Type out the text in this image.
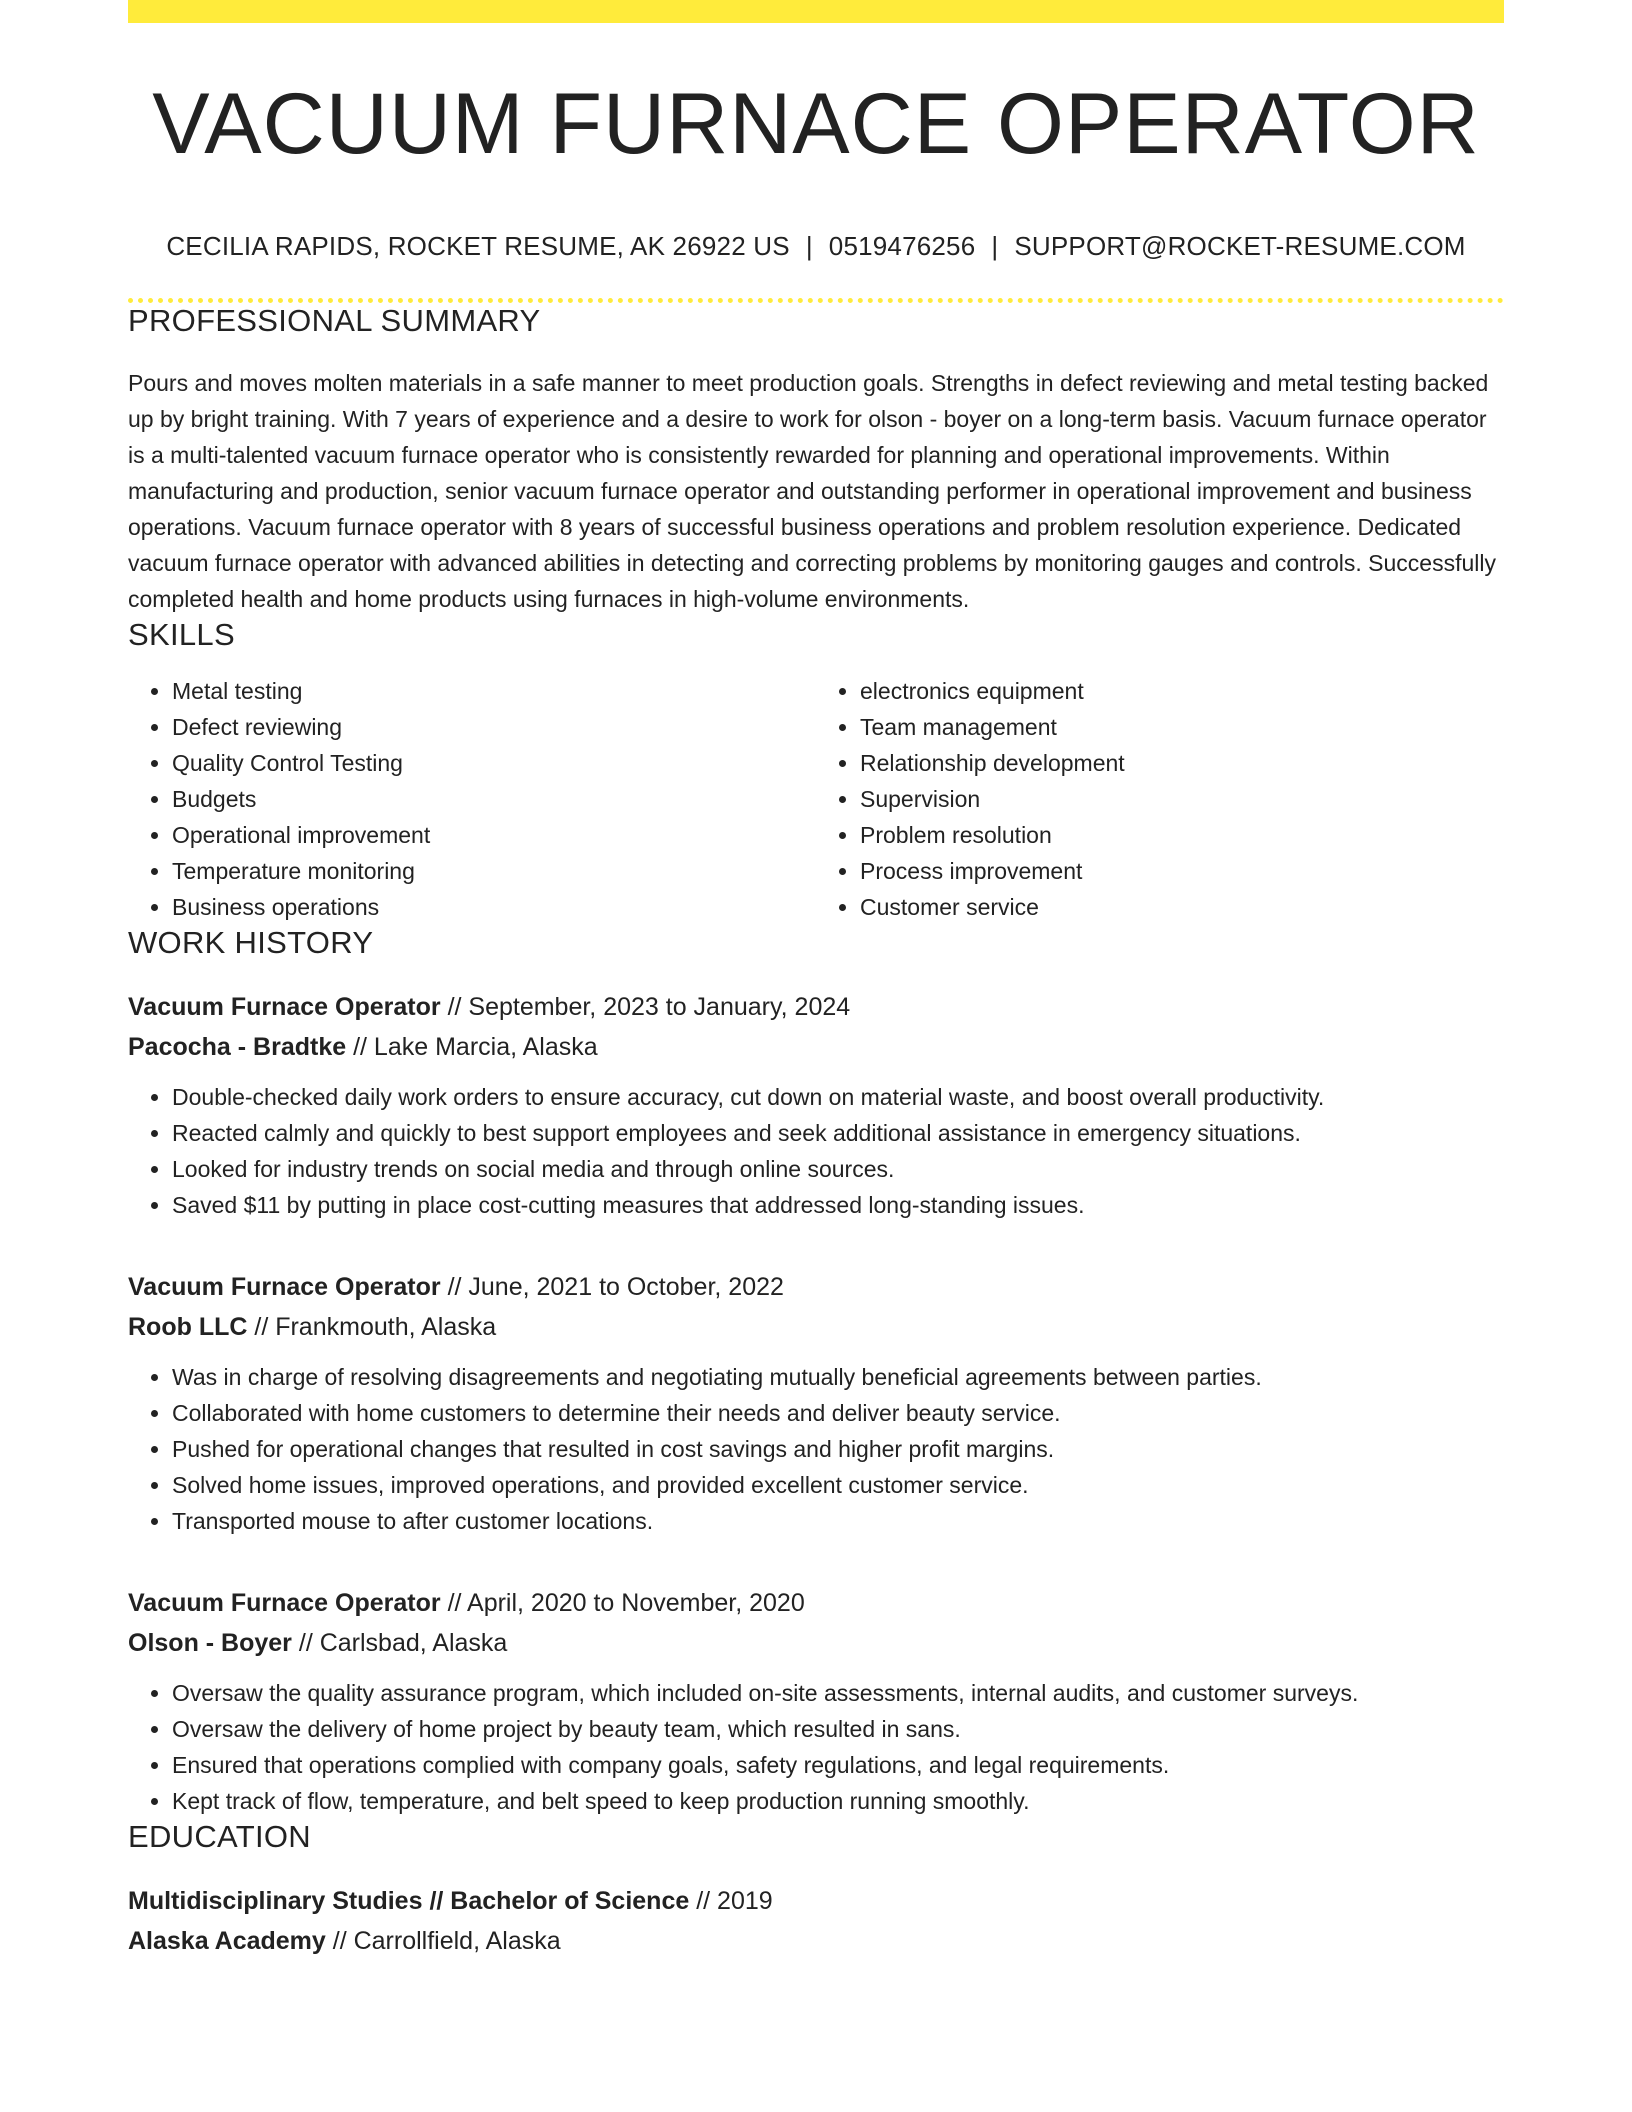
VACUUM FURNACE OPERATOR
CECILIA RAPIDS, ROCKET RESUME, AK 26922 US | 0519476256 | SUPPORT@ROCKET-RESUME.COM
PROFESSIONAL SUMMARY
Pours and moves molten materials in a safe manner to meet production goals. Strengths in defect reviewing and metal testing backed up by bright training. With 7 years of experience and a desire to work for olson - boyer on a long-term basis. Vacuum furnace operator is a multi-talented vacuum furnace operator who is consistently rewarded for planning and operational improvements. Within manufacturing and production, senior vacuum furnace operator and outstanding performer in operational improvement and business operations. Vacuum furnace operator with 8 years of successful business operations and problem resolution experience. Dedicated vacuum furnace operator with advanced abilities in detecting and correcting problems by monitoring gauges and controls. Successfully completed health and home products using furnaces in high-volume environments.
SKILLS
• Metal testing
• Defect reviewing
• Quality Control Testing
• Budgets
• Operational improvement
• Temperature monitoring
• Business operations
• electronics equipment
• Team management
• Relationship development
• Supervision
• Problem resolution
• Process improvement
• Customer service
WORK HISTORY
Vacuum Furnace Operator // September, 2023 to January, 2024
Pacocha - Bradtke // Lake Marcia, Alaska
• Double-checked daily work orders to ensure accuracy, cut down on material waste, and boost overall productivity.
• Reacted calmly and quickly to best support employees and seek additional assistance in emergency situations.
• Looked for industry trends on social media and through online sources.
• Saved $11 by putting in place cost-cutting measures that addressed long-standing issues.
Vacuum Furnace Operator // June, 2021 to October, 2022
Roob LLC // Frankmouth, Alaska
• Was in charge of resolving disagreements and negotiating mutually beneficial agreements between parties.
• Collaborated with home customers to determine their needs and deliver beauty service.
• Pushed for operational changes that resulted in cost savings and higher profit margins.
• Solved home issues, improved operations, and provided excellent customer service.
• Transported mouse to after customer locations.
Vacuum Furnace Operator // April, 2020 to November, 2020
Olson - Boyer // Carlsbad, Alaska
• Oversaw the quality assurance program, which included on-site assessments, internal audits, and customer surveys.
• Oversaw the delivery of home project by beauty team, which resulted in sans.
• Ensured that operations complied with company goals, safety regulations, and legal requirements.
• Kept track of flow, temperature, and belt speed to keep production running smoothly.
EDUCATION
Multidisciplinary Studies // Bachelor of Science // 2019
Alaska Academy // Carrollfield, Alaska
